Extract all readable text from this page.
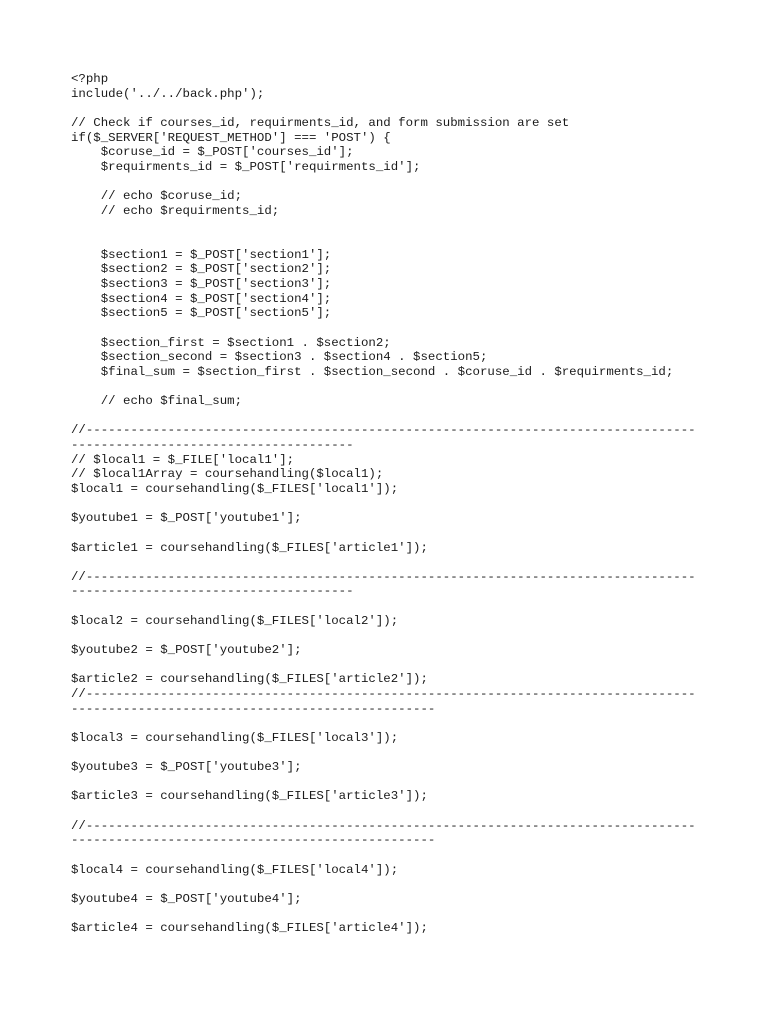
<?php
include('../../back.php');
// Check if courses_id, requirments_id, and form submission are set
if($_SERVER['REQUEST_METHOD'] === 'POST') {
$coruse_id = $_POST['courses_id'];
$requirments_id = $_POST['requirments_id'];
// echo $coruse_id;
// echo $requirments_id;
$section1 = $_POST['section1'];
$section2 = $_POST['section2'];
$section3 = $_POST['section3'];
$section4 = $_POST['section4'];
$section5 = $_POST['section5'];
$section_first = $section1 . $section2;
$section_second = $section3 . $section4 . $section5;
$final_sum = $section_first . $section_second . $coruse_id . $requirments_id;
// echo $final_sum;
//----------------------------------------------------------------------------------
--------------------------------------
// $local1 = $_FILE['local1'];
// $local1Array = coursehandling($local1);
$local1 = coursehandling($_FILES['local1']);
$youtube1 = $_POST['youtube1'];
$article1 = coursehandling($_FILES['article1']);
//----------------------------------------------------------------------------------
--------------------------------------
$local2 = coursehandling($_FILES['local2']);
$youtube2 = $_POST['youtube2'];
$article2 = coursehandling($_FILES['article2']);
//----------------------------------------------------------------------------------
-------------------------------------------------
$local3 = coursehandling($_FILES['local3']);
$youtube3 = $_POST['youtube3'];
$article3 = coursehandling($_FILES['article3']);
//----------------------------------------------------------------------------------
-------------------------------------------------
$local4 = coursehandling($_FILES['local4']);
$youtube4 = $_POST['youtube4'];
$article4 = coursehandling($_FILES['article4']);
